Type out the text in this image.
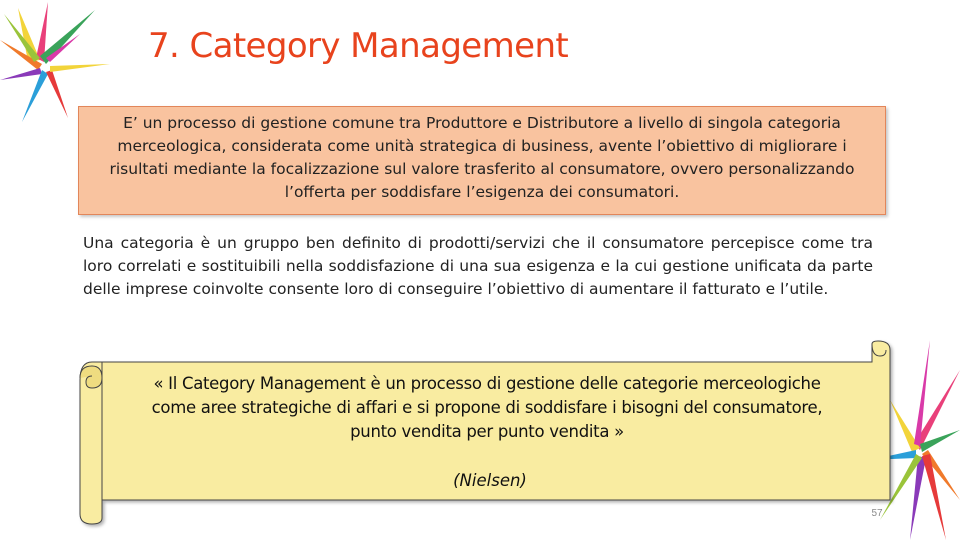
7. Category Management
E’ un processo di gestione comune tra Produttore e Distributore a livello di singola categoria
merceologica, considerata come unità strategica di business, avente l’obiettivo di migliorare i
risultati mediante la focalizzazione sul valore trasferito al consumatore, ovvero personalizzando
l’offerta per soddisfare l’esigenza dei consumatori.
Una categoria è un gruppo ben definito di prodotti/servizi che il consumatore percepisce come tra loro correlati e sostituibili nella soddisfazione di una sua esigenza e la cui gestione unificata da parte delle imprese coinvolte consente loro di conseguire l’obiettivo di aumentare il fatturato e l’utile.
« Il Category Management è un processo di gestione delle categorie merceologiche
come aree strategiche di affari e si propone di soddisfare i bisogni del consumatore,
punto vendita per punto vendita »
(Nielsen)
57
